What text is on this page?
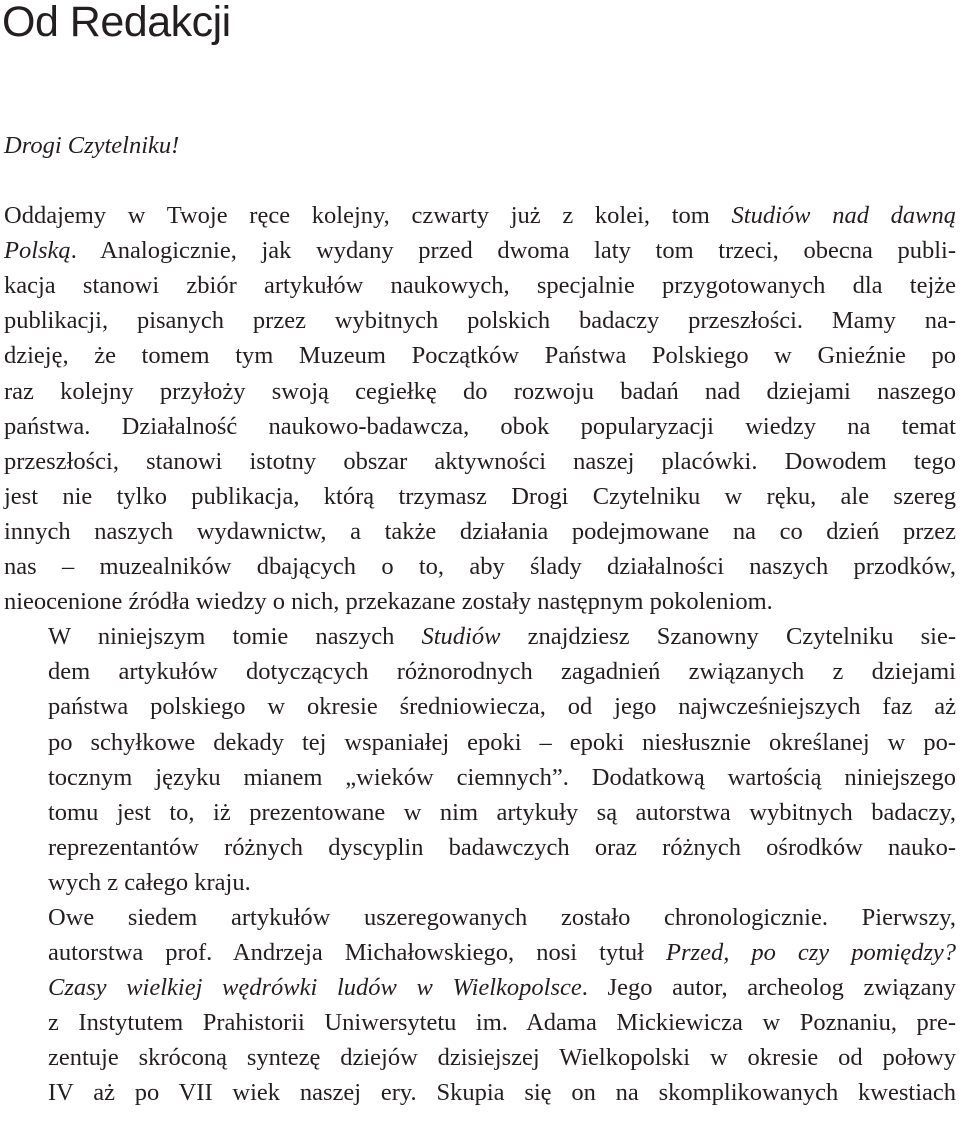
Od Redakcji

Drogi Czytelniku!

Oddajemy w Twoje ręce kolejny, czwarty już z kolei, tom Studiów nad dawną
Polską. Analogicznie, jak wydany przed dwoma laty tom trzeci, obecna publi-
kacja stanowi zbiór artykułów naukowych, specjalnie przygotowanych dla tejże
publikacji, pisanych przez wybitnych polskich badaczy przeszłości. Mamy na-
dzieję, że tomem tym Muzeum Początków Państwa Polskiego w Gnieźnie po
raz kolejny przyłoży swoją cegiełkę do rozwoju badań nad dziejami naszego
państwa. Działalność naukowo-badawcza, obok popularyzacji wiedzy na temat
przeszłości, stanowi istotny obszar aktywności naszej placówki. Dowodem tego
jest nie tylko publikacja, którą trzymasz Drogi Czytelniku w ręku, ale szereg
innych naszych wydawnictw, a także działania podejmowane na co dzień przez
nas – muzealników dbających o to, aby ślady działalności naszych przodków,
nieocenione źródła wiedzy o nich, przekazane zostały następnym pokoleniom.

W niniejszym tomie naszych Studiów znajdziesz Szanowny Czytelniku sie-
dem artykułów dotyczących różnorodnych zagadnień związanych z dziejami
państwa polskiego w okresie średniowiecza, od jego najwcześniejszych faz aż
po schyłkowe dekady tej wspaniałej epoki – epoki niesłusznie określanej w po-
tocznym języku mianem „wieków ciemnych”. Dodatkową wartością niniejszego
tomu jest to, iż prezentowane w nim artykuły są autorstwa wybitnych badaczy,
reprezentantów różnych dyscyplin badawczych oraz różnych ośrodków nauko-
wych z całego kraju.

Owe siedem artykułów uszeregowanych zostało chronologicznie. Pierwszy,
autorstwa prof. Andrzeja Michałowskiego, nosi tytuł Przed, po czy pomiędzy?
Czasy wielkiej wędrówki ludów w Wielkopolsce. Jego autor, archeolog związany
z Instytutem Prahistorii Uniwersytetu im. Adama Mickiewicza w Poznaniu, pre-
zentuje skróconą syntezę dziejów dzisiejszej Wielkopolski w okresie od połowy
IV aż po VII wiek naszej ery. Skupia się on na skomplikowanych kwestiach
